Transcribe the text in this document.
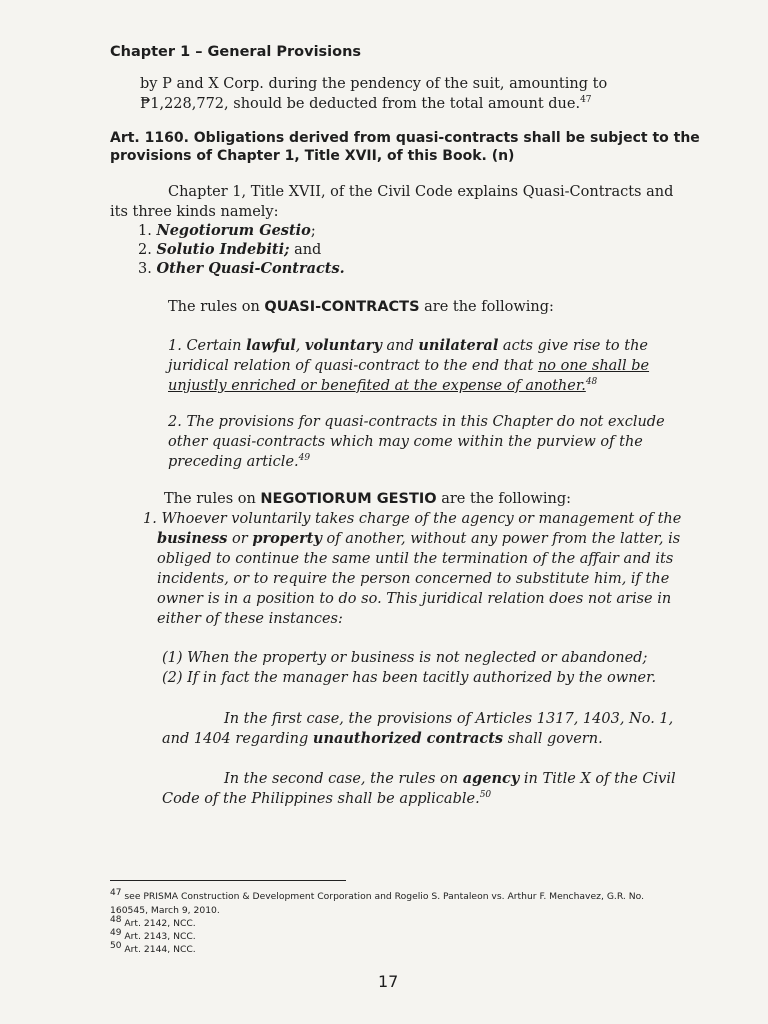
Chapter 1 – General Provisions
by P and X Corp. during the pendency of the suit, amounting to
₱1,228,772, should be deducted from the total amount due.$^{47}$
Art. 1160. Obligations derived from quasi-contracts shall be subject to the
provisions of Chapter 1, Title XVII, of this Book. (n)
Chapter 1, Title XVII, of the Civil Code explains Quasi-Contracts and
its three kinds namely:
1. Negotiorum Gestio;
2. Solutio Indebiti; and
3. Other Quasi-Contracts.
The rules on QUASI-CONTRACTS are the following:
1. Certain lawful, voluntary and unilateral acts give rise to the
juridical relation of quasi-contract to the end that no one shall be
unjustly enriched or benefited at the expense of another.$^{48}$
2. The provisions for quasi-contracts in this Chapter do not exclude
other quasi-contracts which may come within the purview of the
preceding article.$^{49}$
The rules on NEGOTIORUM GESTIO are the following:
1. Whoever voluntarily takes charge of the agency or management of the
business or property of another, without any power from the latter, is
obliged to continue the same until the termination of the affair and its
incidents, or to require the person concerned to substitute him, if the
owner is in a position to do so. This juridical relation does not arise in
either of these instances:
(1) When the property or business is not neglected or abandoned;
(2) If in fact the manager has been tacitly authorized by the owner.
In the first case, the provisions of Articles 1317, 1403, No. 1,
and 1404 regarding unauthorized contracts shall govern.
In the second case, the rules on agency in Title X of the Civil
Code of the Philippines shall be applicable.$^{50}$
$^{47}$ see PRISMA Construction & Development Corporation and Rogelio S. Pantaleon vs. Arthur F. Menchavez, G.R. No.
160545, March 9, 2010.
$^{48}$ Art. 2142, NCC.
$^{49}$ Art. 2143, NCC.
$^{50}$ Art. 2144, NCC.
17
